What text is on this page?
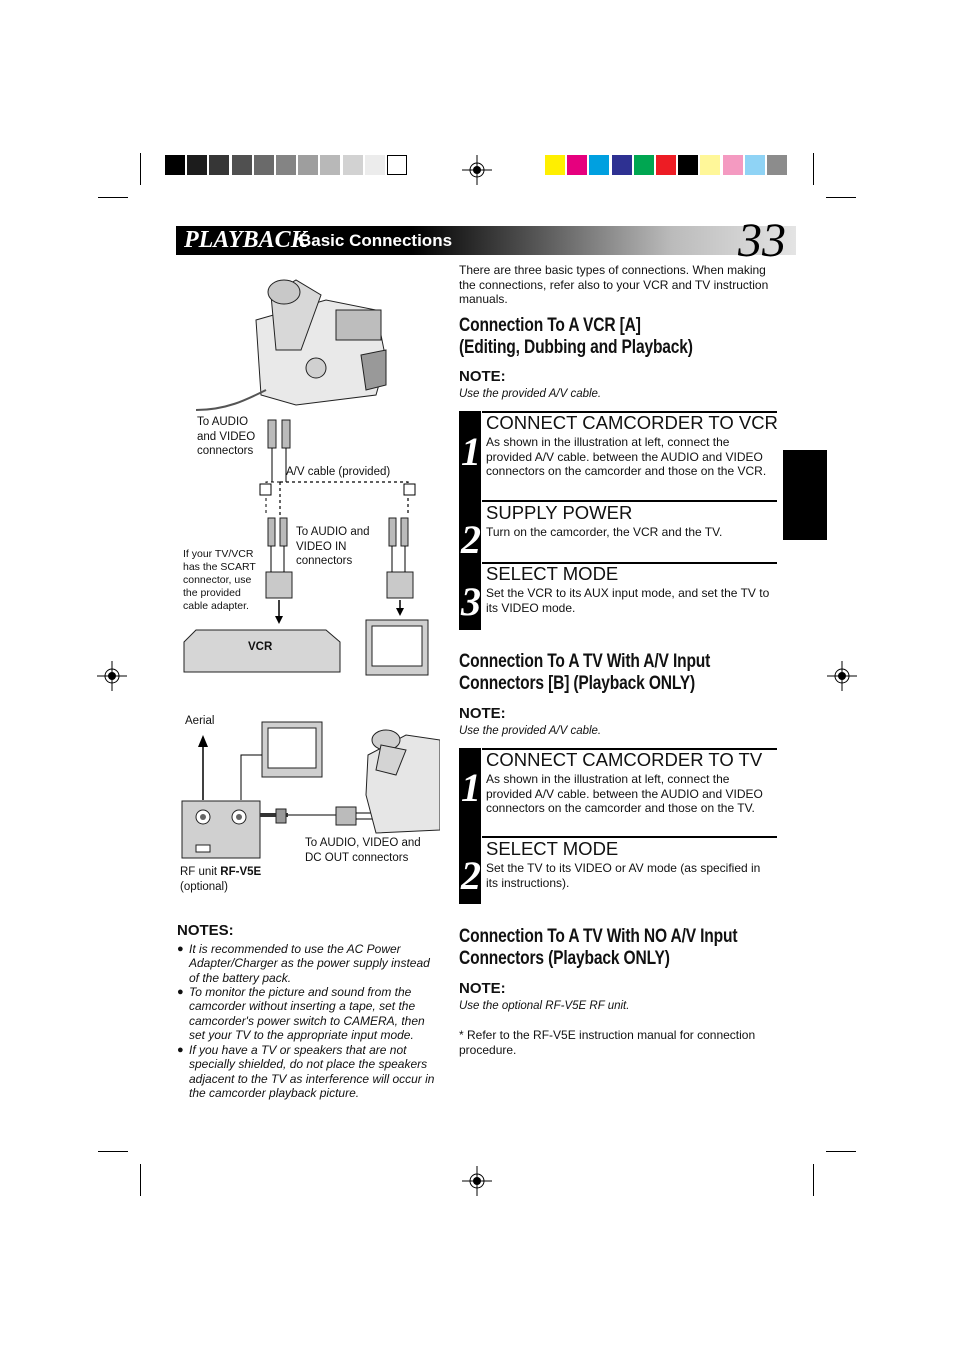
PLAYBACK
Basic Connections	33
There are three basic types of connections. When making the connections, refer also to your VCR and TV instruction manuals.
Connection To A VCR [A]
(Editing, Dubbing and Playback)
NOTE:
Use the provided A/V cable.
1
CONNECT CAMCORDER TO VCR
As shown in the illustration at left, connect the provided A/V cable. between the AUDIO and VIDEO connectors on the camcorder and those on the VCR.
2
SUPPLY POWER
Turn on the camcorder, the VCR and the TV.
3
SELECT MODE
Set the VCR to its AUX input mode, and set the TV to its VIDEO mode.
Connection To A TV With A/V Input
Connectors [B] (Playback ONLY)
NOTE:
Use the provided A/V cable.
1
CONNECT CAMCORDER TO TV
As shown in the illustration at left, connect the provided A/V cable. between the AUDIO and VIDEO connectors on the camcorder and those on the TV.
2
SELECT MODE
Set the TV to its VIDEO or AV mode (as specified in its instructions).
Connection To A TV With NO A/V Input
Connectors (Playback ONLY)
NOTE:
Use the optional RF-V5E RF unit.
* Refer to the RF-V5E instruction manual for connection procedure.
To AUDIO and VIDEO connectors
A/V cable (provided)
To AUDIO and VIDEO IN connectors
If your TV/VCR has the SCART connector, use the provided cable adapter.
VCR
Aerial
To AUDIO, VIDEO and DC OUT connectors
RF unit RF-V5E
(optional)
NOTES:
● It is recommended to use the AC Power Adapter/Charger as the power supply instead of the battery pack.
● To monitor the picture and sound from the camcorder without inserting a tape, set the camcorder's power switch to CAMERA, then set your TV to the appropriate input mode.
● If you have a TV or speakers that are not specially shielded, do not place the speakers adjacent to the TV as interference will occur in the camcorder playback picture.
